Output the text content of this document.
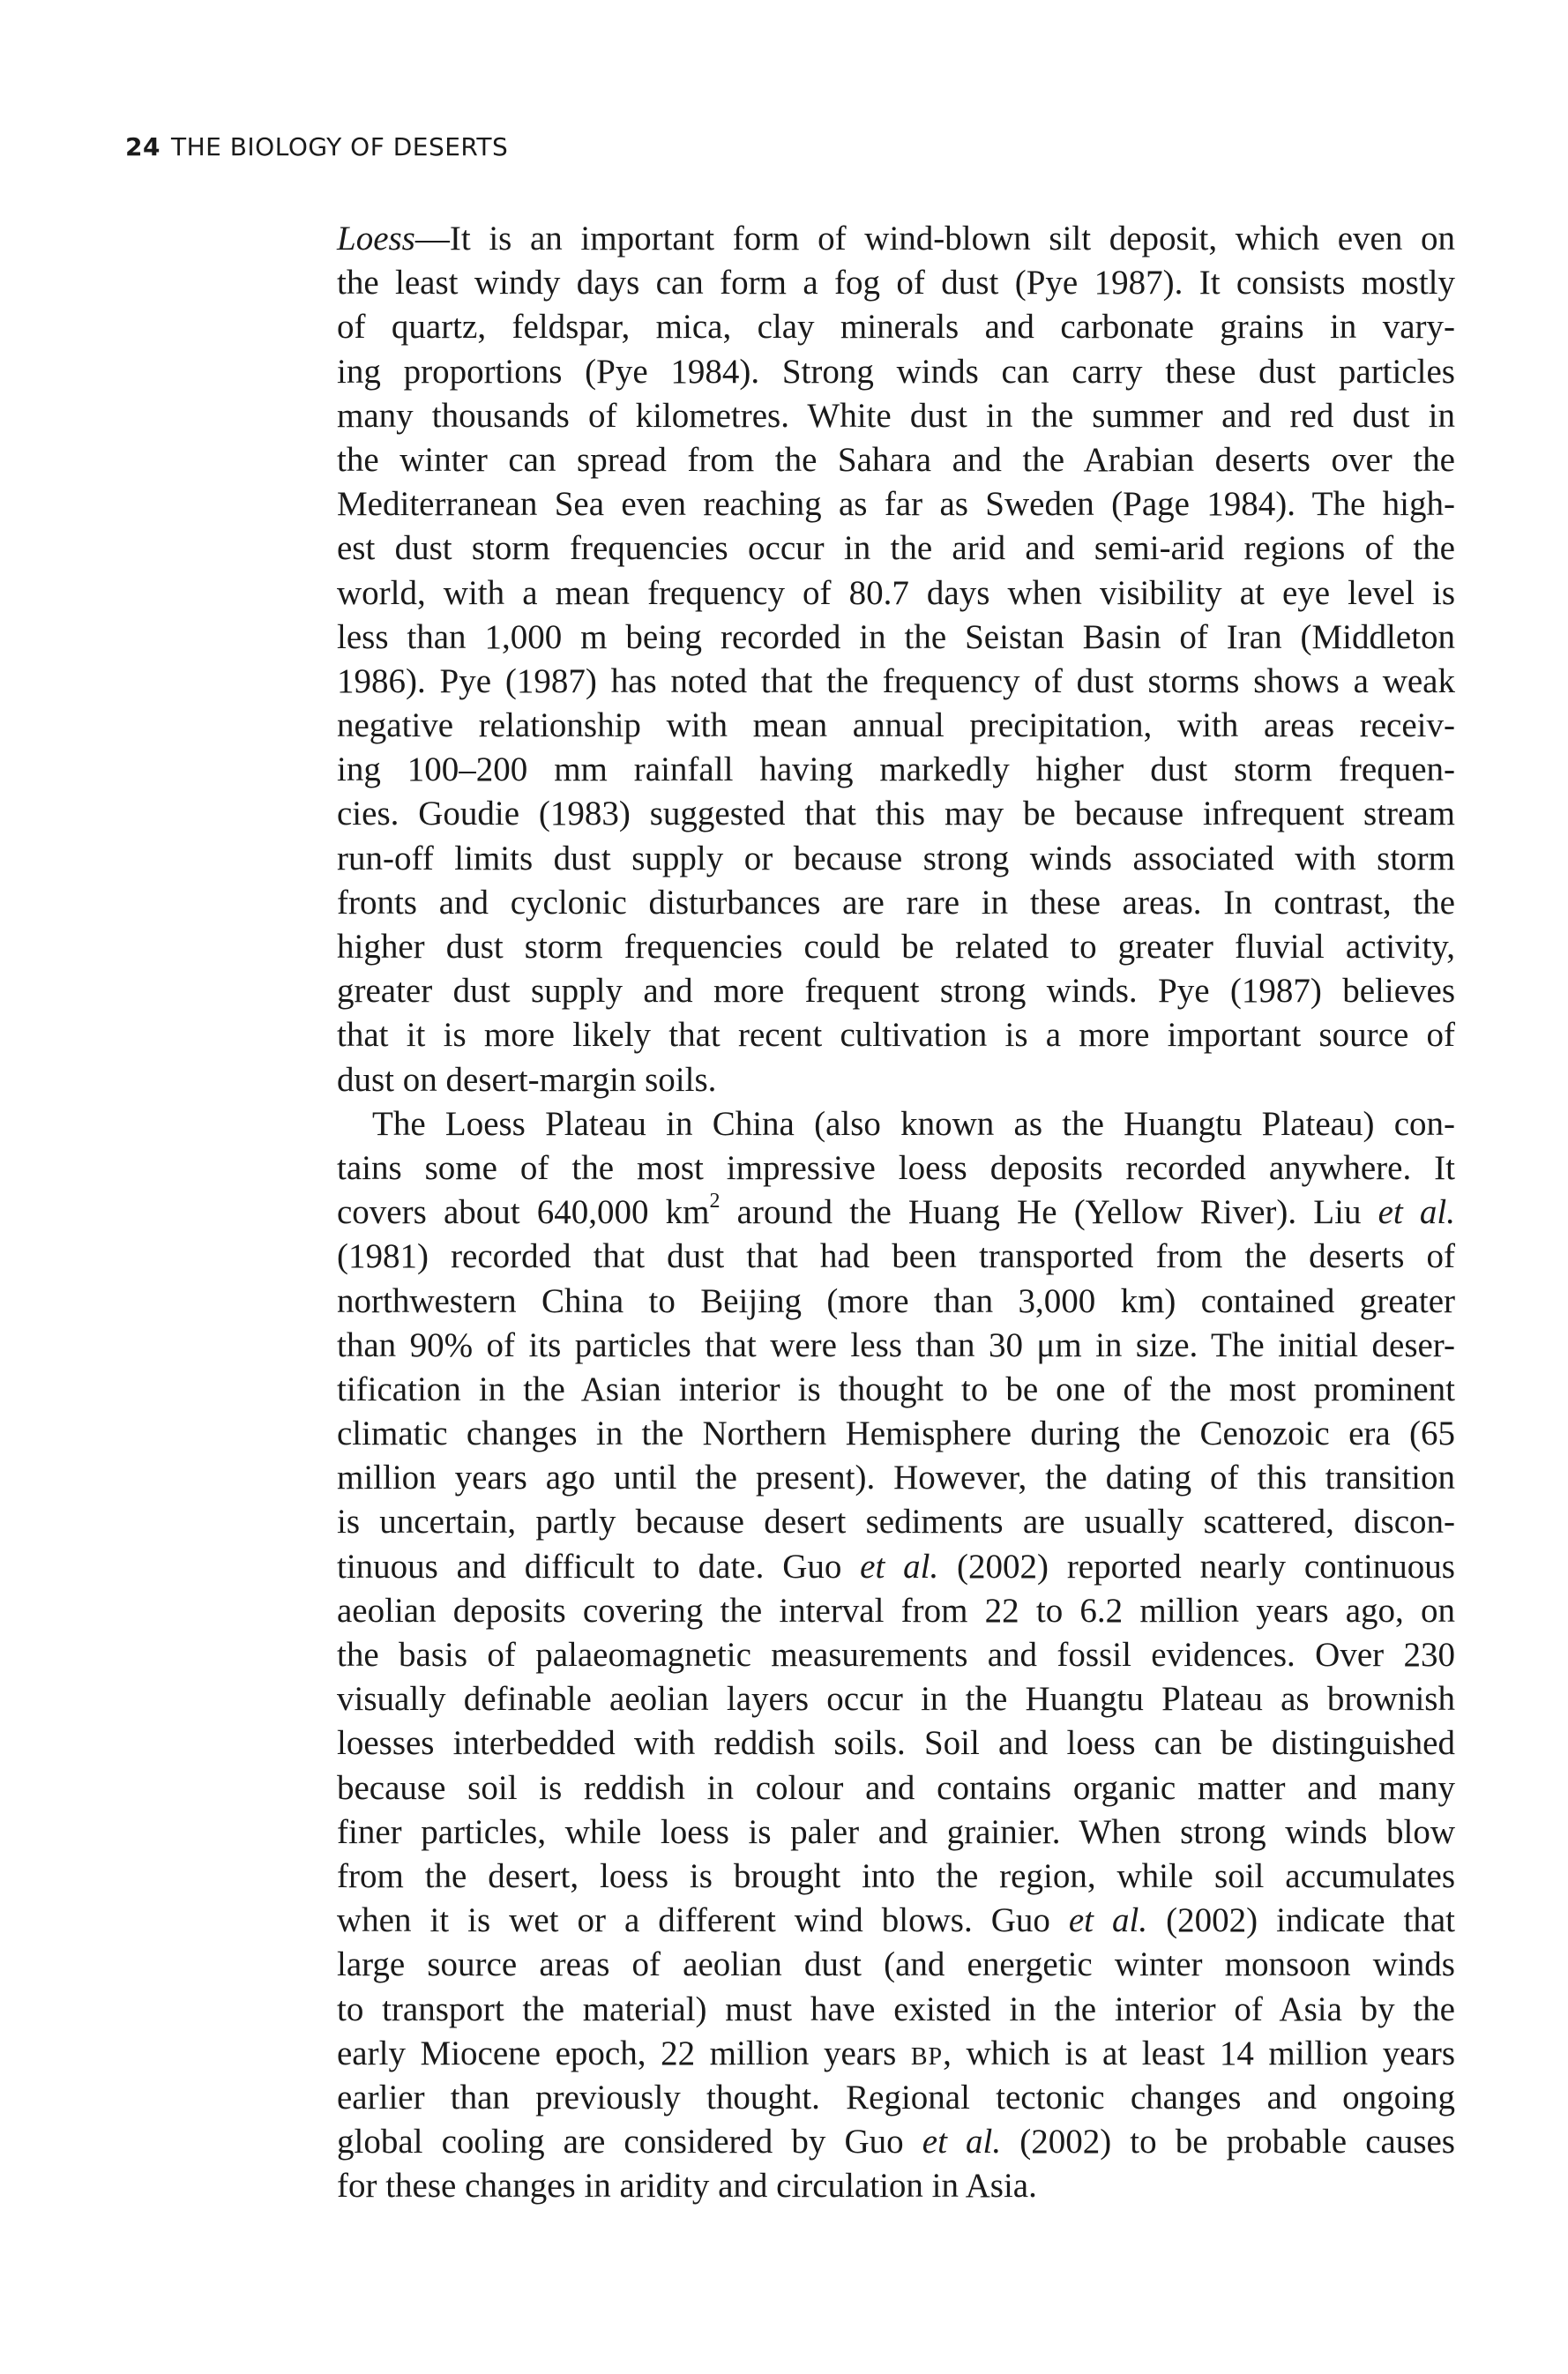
24 THE BIOLOGY OF DESERTS
Loess—It is an important form of wind-blown silt deposit, which even on
the least windy days can form a fog of dust (Pye 1987). It consists mostly
of quartz, feldspar, mica, clay minerals and carbonate grains in vary-
ing proportions (Pye 1984). Strong winds can carry these dust particles
many thousands of kilometres. White dust in the summer and red dust in
the winter can spread from the Sahara and the Arabian deserts over the
Mediterranean Sea even reaching as far as Sweden (Page 1984). The high-
est dust storm frequencies occur in the arid and semi-arid regions of the
world, with a mean frequency of 80.7 days when visibility at eye level is
less than 1,000 m being recorded in the Seistan Basin of Iran (Middleton
1986). Pye (1987) has noted that the frequency of dust storms shows a weak
negative relationship with mean annual precipitation, with areas receiv-
ing 100–200 mm rainfall having markedly higher dust storm frequen-
cies. Goudie (1983) suggested that this may be because infrequent stream
run-off limits dust supply or because strong winds associated with storm
fronts and cyclonic disturbances are rare in these areas. In contrast, the
higher dust storm frequencies could be related to greater fluvial activity,
greater dust supply and more frequent strong winds. Pye (1987) believes
that it is more likely that recent cultivation is a more important source of
dust on desert-margin soils.
The Loess Plateau in China (also known as the Huangtu Plateau) con-
tains some of the most impressive loess deposits recorded anywhere. It
covers about 640,000 $km^2$ around the Huang He (Yellow River). Liu et al.
(1981) recorded that dust that had been transported from the deserts of
northwestern China to Beijing (more than 3,000 km) contained greater
than 90% of its particles that were less than 30 μm in size. The initial deser-
tification in the Asian interior is thought to be one of the most prominent
climatic changes in the Northern Hemisphere during the Cenozoic era (65
million years ago until the present). However, the dating of this transition
is uncertain, partly because desert sediments are usually scattered, discon-
tinuous and difficult to date. Guo et al. (2002) reported nearly continuous
aeolian deposits covering the interval from 22 to 6.2 million years ago, on
the basis of palaeomagnetic measurements and fossil evidences. Over 230
visually definable aeolian layers occur in the Huangtu Plateau as brownish
loesses interbedded with reddish soils. Soil and loess can be distinguished
because soil is reddish in colour and contains organic matter and many
finer particles, while loess is paler and grainier. When strong winds blow
from the desert, loess is brought into the region, while soil accumulates
when it is wet or a different wind blows. Guo et al. (2002) indicate that
large source areas of aeolian dust (and energetic winter monsoon winds
to transport the material) must have existed in the interior of Asia by the
early Miocene epoch, 22 million years BP, which is at least 14 million years
earlier than previously thought. Regional tectonic changes and ongoing
global cooling are considered by Guo et al. (2002) to be probable causes
for these changes in aridity and circulation in Asia.
